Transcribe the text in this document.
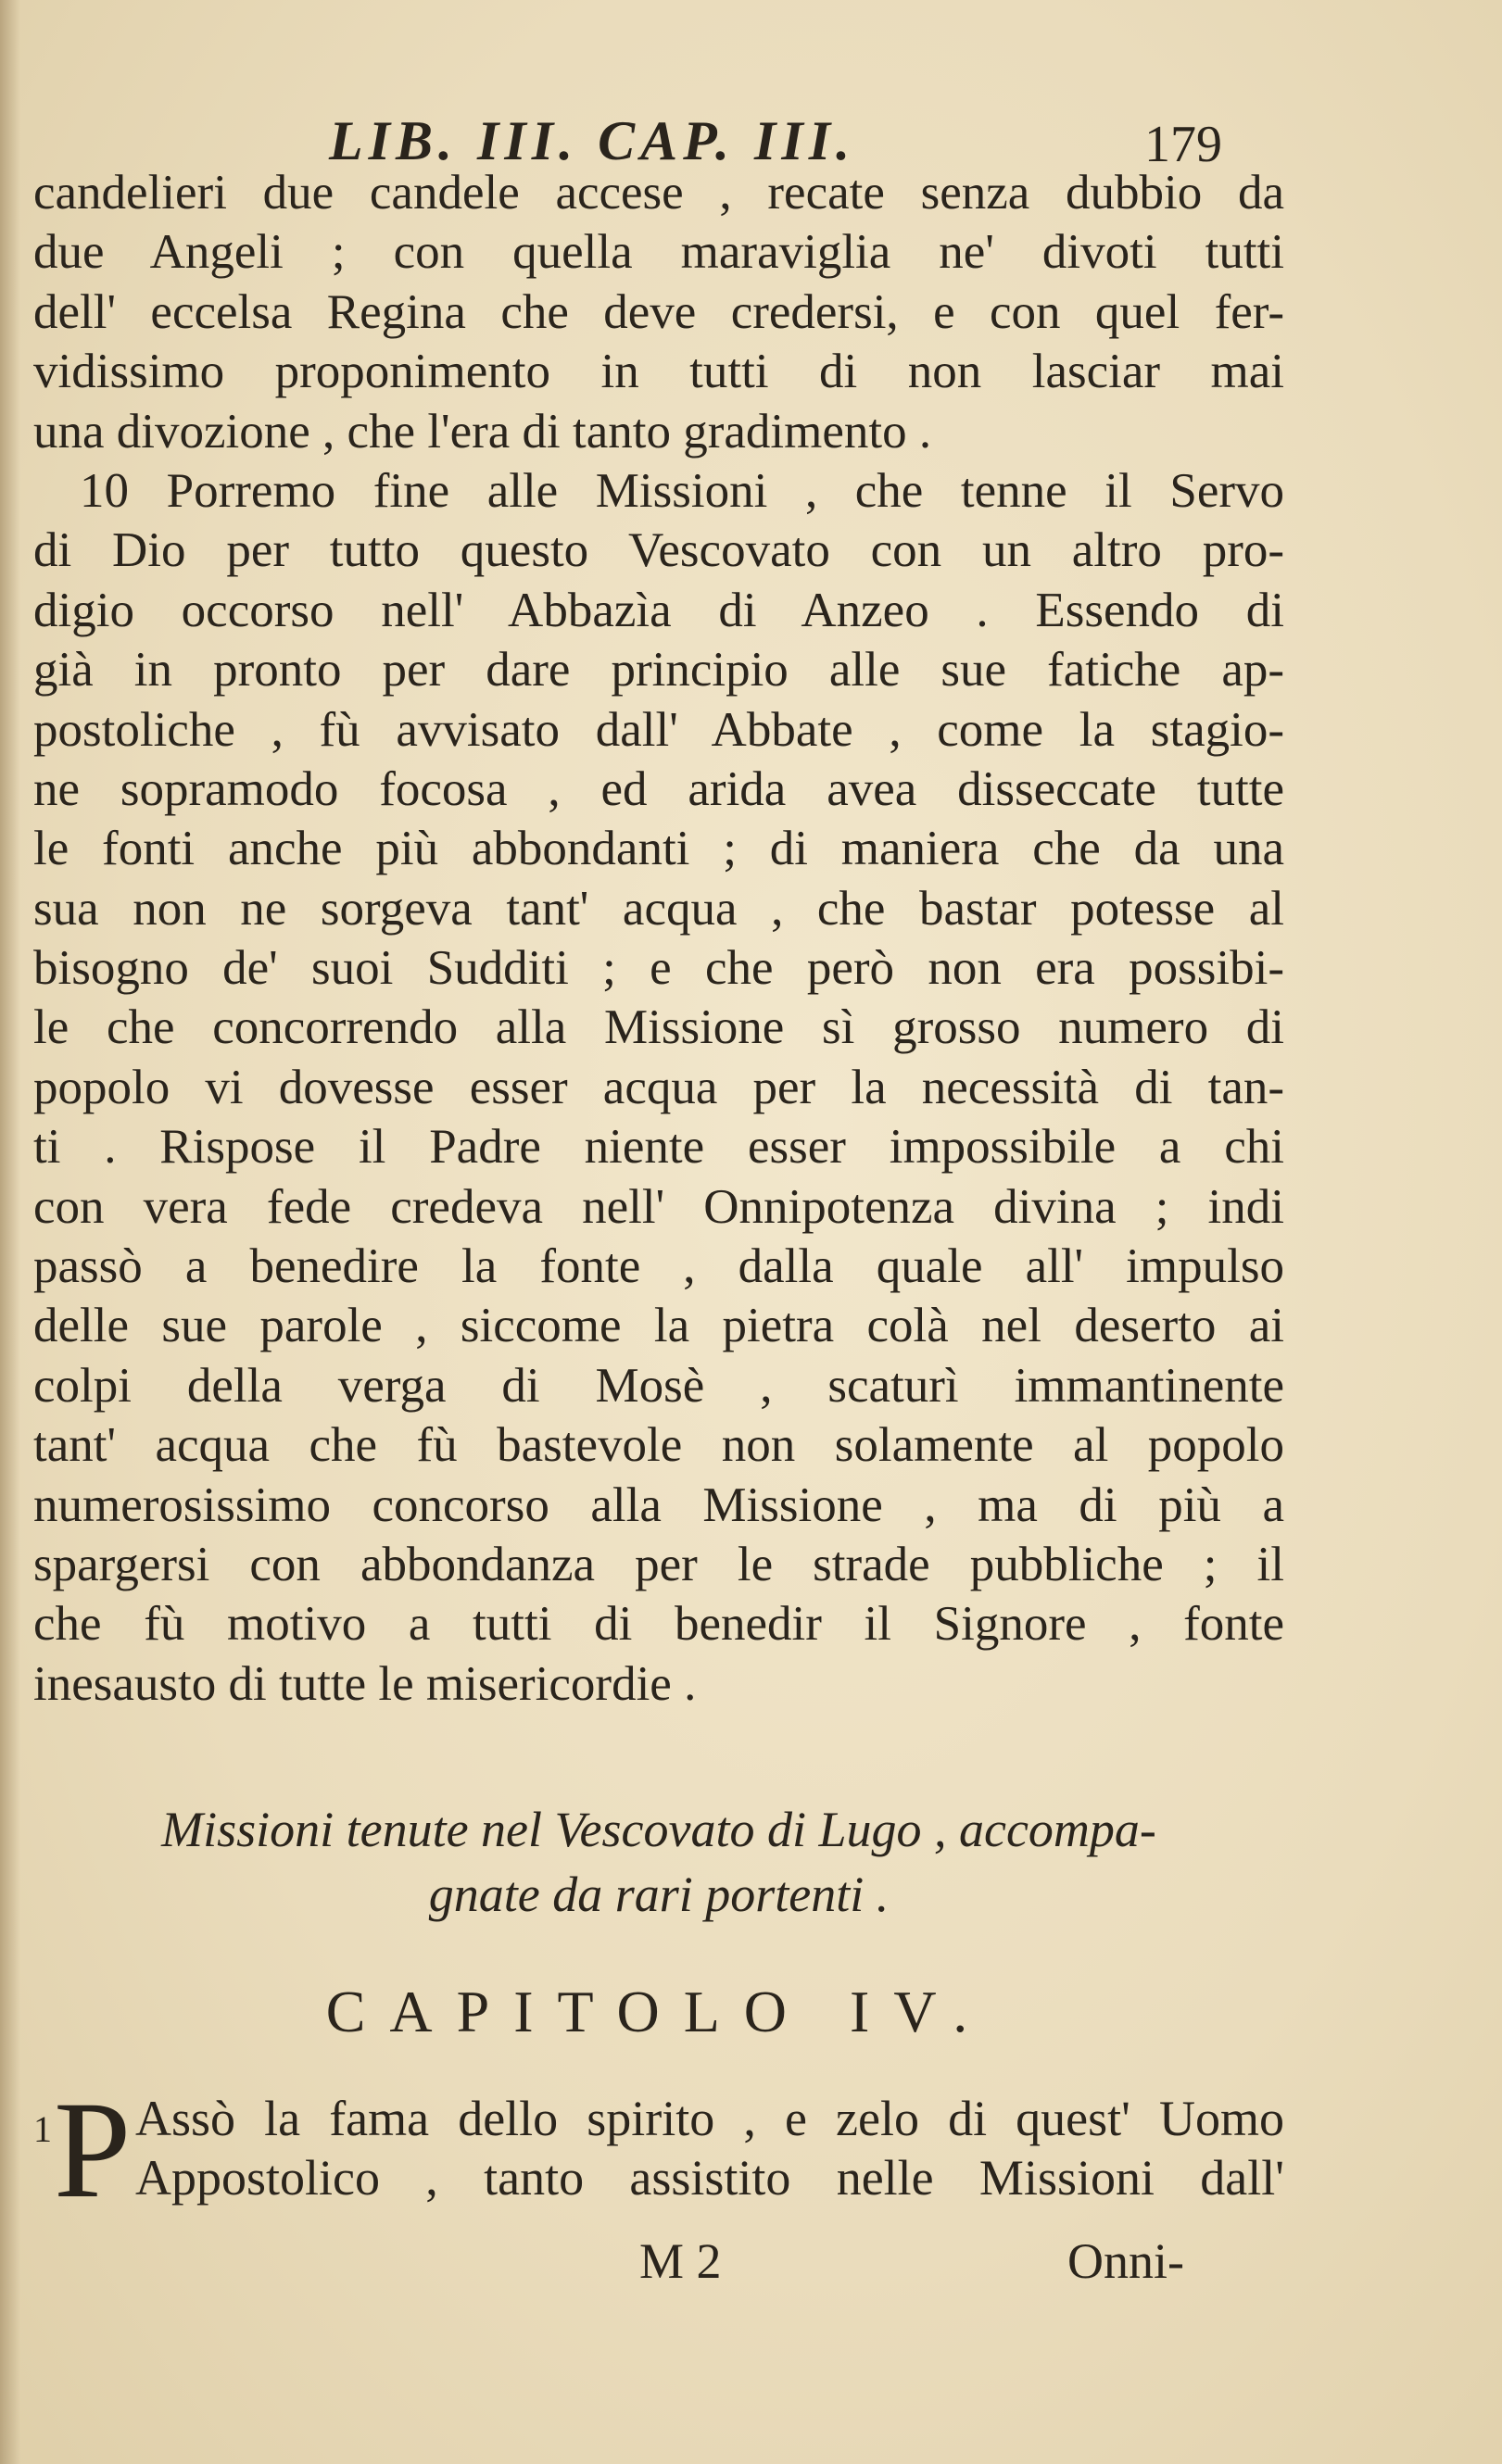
LIB. III. CAP. III.	179
candelieri due candele accese , recate senza dubbio da
due Angeli ; con quella maraviglia ne' divoti tutti
dell' eccelsa Regina che deve credersi, e con quel fer-
vidissimo proponimento in tutti di non lasciar mai
una divozione , che l'era di tanto gradimento .
10 Porremo fine alle Missioni , che tenne il Servo
di Dio per tutto questo Vescovato con un altro pro-
digio occorso nell' Abbazìa di Anzeo . Essendo di
già in pronto per dare principio alle sue fatiche ap-
postoliche , fù avvisato dall' Abbate , come la stagio-
ne sopramodo focosa , ed arida avea disseccate tutte
le fonti anche più abbondanti ; di maniera che da una
sua non ne sorgeva tant' acqua , che bastar potesse al
bisogno de' suoi Sudditi ; e che però non era possibi-
le che concorrendo alla Missione sì grosso numero di
popolo vi dovesse esser acqua per la necessità di tan-
ti . Rispose il Padre niente esser impossibile a chi
con vera fede credeva nell' Onnipotenza divina ; indi
passò a benedire la fonte , dalla quale all' impulso
delle sue parole , siccome la pietra colà nel deserto ai
colpi della verga di Mosè , scaturì immantinente
tant' acqua che fù bastevole non solamente al popolo
numerosissimo concorso alla Missione , ma di più a
spargersi con abbondanza per le strade pubbliche ; il
che fù motivo a tutti di benedir il Signore , fonte
inesausto di tutte le misericordie .
Missioni tenute nel Vescovato di Lugo , accompa-
gnate da rari portenti .
CAPITOLO IV.
1 P Assò la fama dello spirito , e zelo di quest' Uomo
Appostolico , tanto assistito nelle Missioni dall'
M 2	Onni-
